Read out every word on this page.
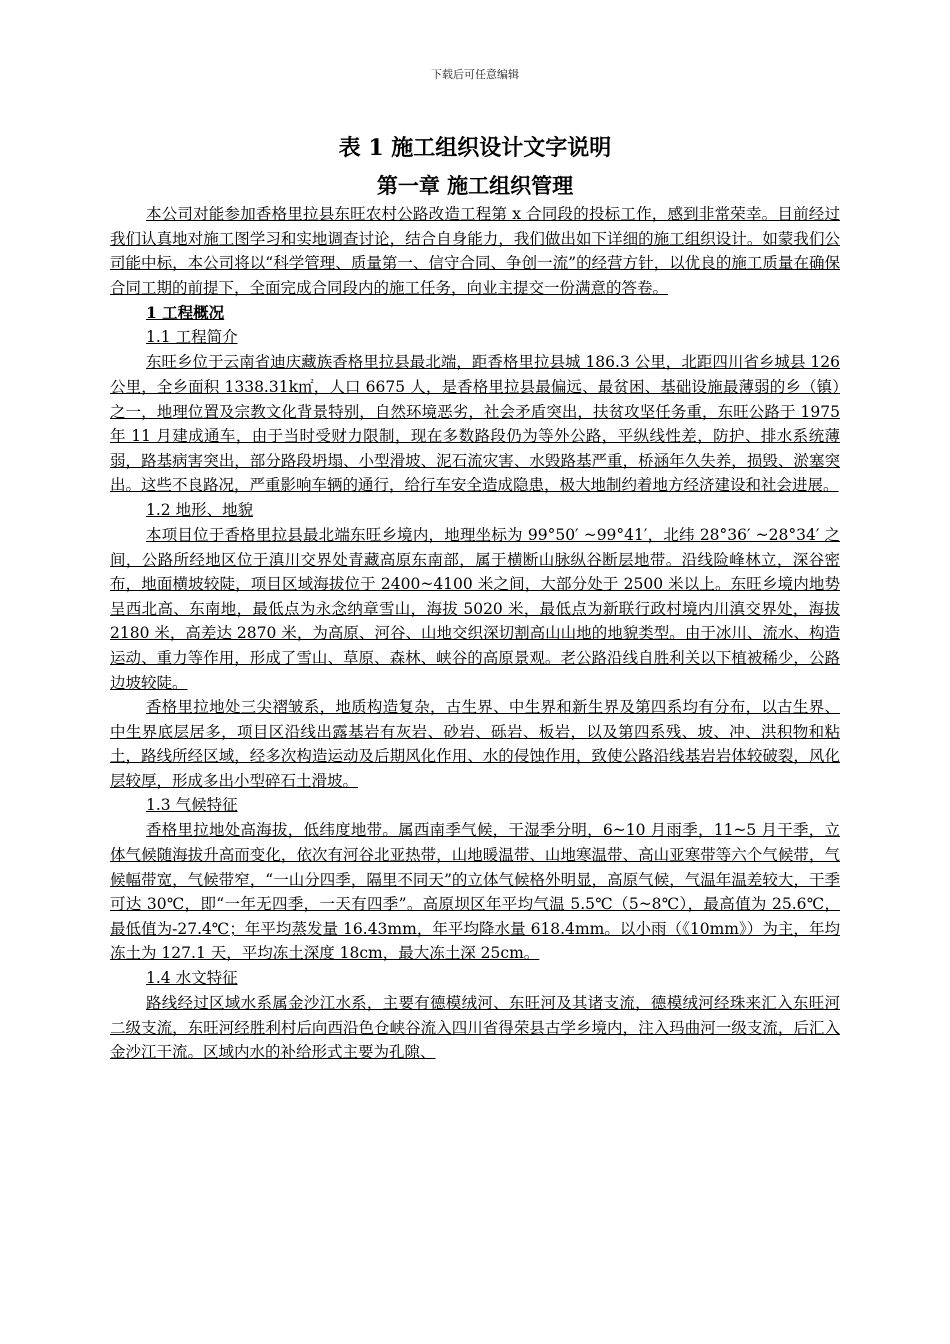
下载后可任意编辑

表 1 施工组织设计文字说明

第一章 施工组织管理

本公司对能参加香格里拉县东旺农村公路改造工程第 x 合同段的投标工作，感到非常荣幸。目前经过我们认真地对施工图学习和实地调查讨论，结合自身能力，我们做出如下详细的施工组织设计。如蒙我们公司能中标，本公司将以“科学管理、质量第一、信守合同、争创一流”的经营方针，以优良的施工质量在确保合同工期的前提下，全面完成合同段内的施工任务，向业主提交一份满意的答卷。

1 工程概况

1.1 工程简介

东旺乡位于云南省迪庆藏族香格里拉县最北端，距香格里拉县城 186.3 公里，北距四川省乡城县 126 公里，全乡面积 1338.31k㎡，人口 6675 人，是香格里拉县最偏远、最贫困、基础设施最薄弱的乡（镇）之一，地理位置及宗教文化背景特别，自然环境恶劣，社会矛盾突出，扶贫攻坚任务重，东旺公路于 1975 年 11 月建成通车，由于当时受财力限制，现在多数路段仍为等外公路，平纵线性差，防护、排水系统薄弱，路基病害突出，部分路段坍塌、小型滑坡、泥石流灾害、水毁路基严重，桥涵年久失养，损毁、淤塞突出。这些不良路况，严重影响车辆的通行，给行车安全造成隐患，极大地制约着地方经济建设和社会进展。

1.2 地形、地貌

本项目位于香格里拉县最北端东旺乡境内，地理坐标为 99°50′ ~99°41′，北纬 28°36′ ~28°34′ 之间，公路所经地区位于滇川交界处青藏高原东南部，属于横断山脉纵谷断层地带。沿线险峰林立，深谷密布，地面横坡较陡，项目区域海拔位于 2400~4100 米之间，大部分处于 2500 米以上。东旺乡境内地势呈西北高、东南地，最低点为永念纳章雪山，海拔 5020 米，最低点为新联行政村境内川滇交界处，海拔 2180 米，高差达 2870 米，为高原、河谷、山地交织深切割高山山地的地貌类型。由于冰川、流水、构造运动、重力等作用，形成了雪山、草原、森林、峡谷的高原景观。老公路沿线自胜利关以下植被稀少，公路边坡较陡。

香格里拉地处三尖褶皱系，地质构造复杂，古生界、中生界和新生界及第四系均有分布，以古生界、中生界底层居多，项目区沿线出露基岩有灰岩、砂岩、砾岩、板岩，以及第四系残、坡、冲、洪积物和粘土，路线所经区域，经多次构造运动及后期风化作用、水的侵蚀作用，致使公路沿线基岩岩体较破裂，风化层较厚，形成多出小型碎石土滑坡。

1.3 气候特征

香格里拉地处高海拔，低纬度地带。属西南季气候，干湿季分明，6~10 月雨季，11~5 月干季，立体气候随海拔升高而变化，依次有河谷北亚热带，山地暖温带、山地寒温带、高山亚寒带等六个气候带，气候幅带宽，气候带窄，“一山分四季，隔里不同天”的立体气候格外明显，高原气候，气温年温差较大，干季可达 30℃，即“一年无四季，一天有四季”。高原坝区年平均气温 5.5℃（5~8℃），最高值为 25.6℃，最低值为-27.4℃；年平均蒸发量 16.43mm，年平均降水量 618.4mm。以小雨（《10mm》）为主，年均冻土为 127.1 天，平均冻土深度 18cm，最大冻土深 25cm。

1.4 水文特征

路线经过区域水系属金沙江水系，主要有德模绒河、东旺河及其诸支流，德模绒河经珠来汇入东旺河二级支流，东旺河经胜利村后向西沿色仓峡谷流入四川省得荣县古学乡境内，注入玛曲河一级支流，后汇入金沙江干流。区域内水的补给形式主要为孔隙、
